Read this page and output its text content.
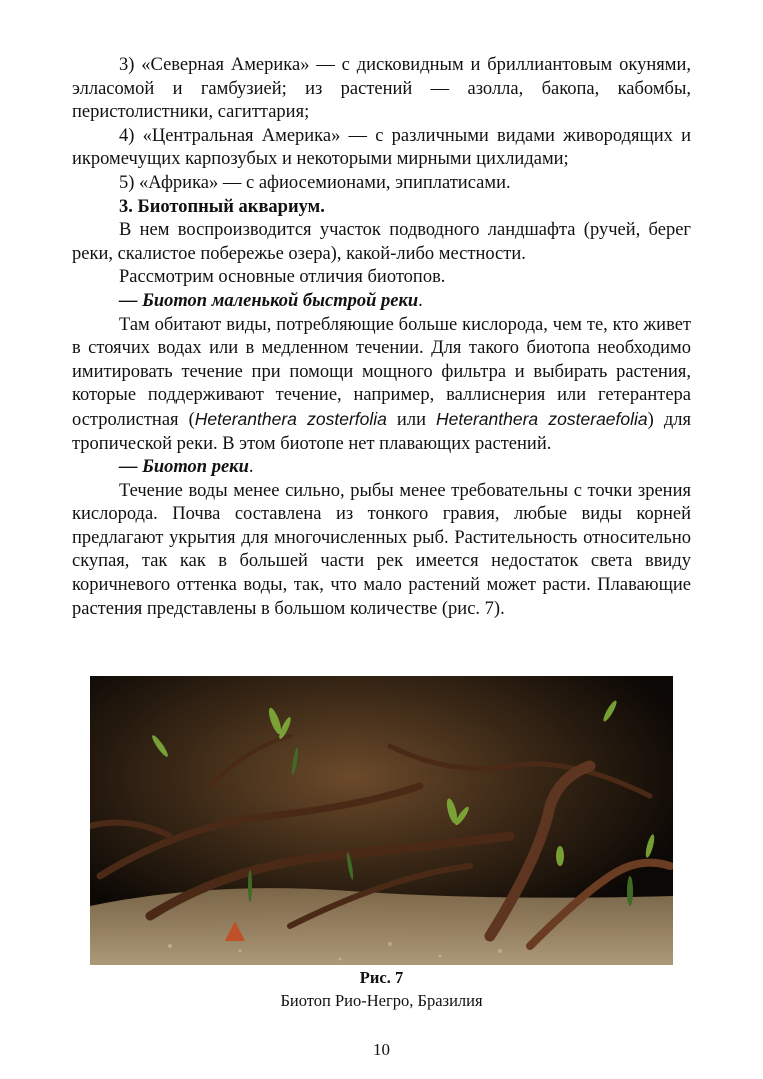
3) «Северная Америка» — с дисковидным и бриллиантовым окунями, элласомой и гамбузией; из растений — азолла, бакопа, кабомбы, перистолистники, сагиттария;

4) «Центральная Америка» — с различными видами живородящих и икромечущих карпозубых и некоторыми мирными цихлидами;

5) «Африка» — с афиосемионами, эпиплатисами.

3. Биотопный аквариум.

В нем воспроизводится участок подводного ландшафта (ручей, берег реки, скалистое побережье озера), какой-либо местности.

Рассмотрим основные отличия биотопов.

— Биотоп маленькой быстрой реки.

Там обитают виды, потребляющие больше кислорода, чем те, кто живет в стоячих водах или в медленном течении. Для такого биотопа необходимо имитировать течение при помощи мощного фильтра и выбирать растения, которые поддерживают течение, например, валлиснерия или гетерантера остролистная (Heteranthera zosterfolia или Heteranthera zosteraefolia) для тропической реки. В этом биотопе нет плавающих растений.

— Биотоп реки.

Течение воды менее сильно, рыбы менее требовательны с точки зрения кислорода. Почва составлена из тонкого гравия, любые виды корней предлагают укрытия для многочисленных рыб. Растительность относительно скупая, так как в большей части рек имеется недостаток света ввиду коричневого оттенка воды, так, что мало растений может расти. Плавающие растения представлены в большом количестве (рис. 7).

Рис. 7
Биотоп Рио-Негро, Бразилия
10
